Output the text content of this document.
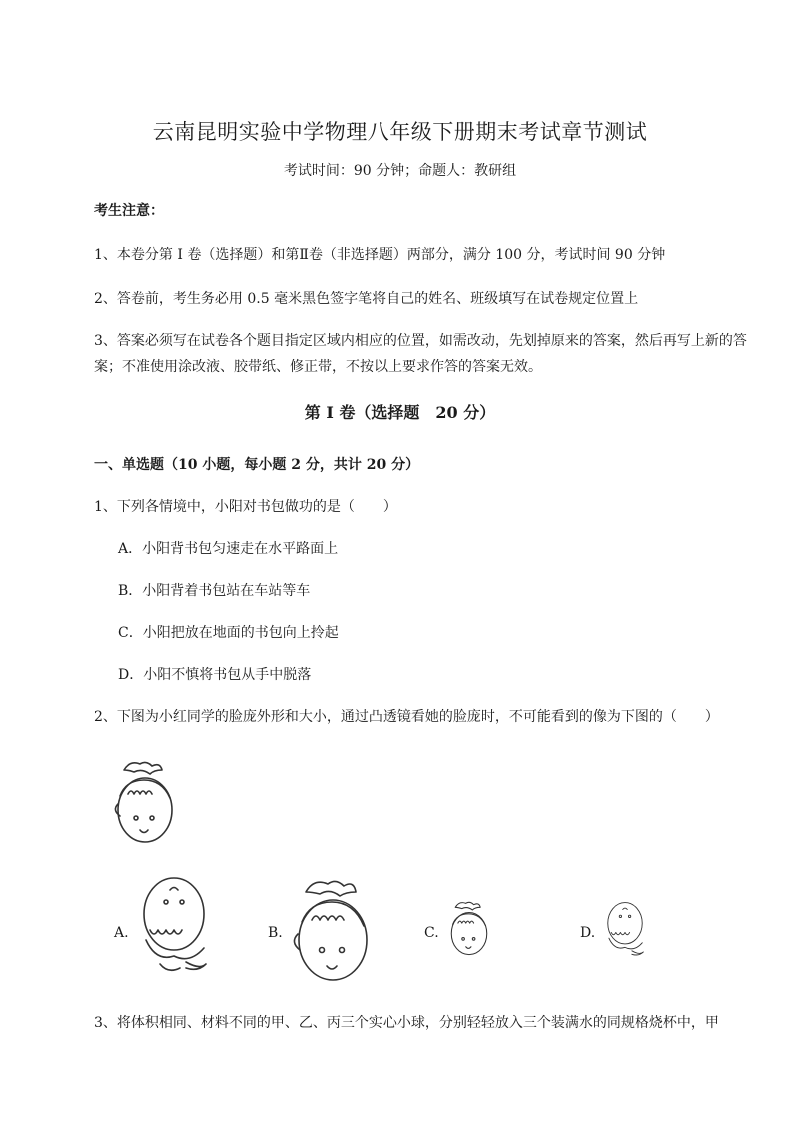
云南昆明实验中学物理八年级下册期末考试章节测试
考试时间：90 分钟；命题人：教研组
考生注意：
1、本卷分第 I 卷（选择题）和第Ⅱ卷（非选择题）两部分，满分 100 分，考试时间 90 分钟
2、答卷前，考生务必用 0.5 毫米黑色签字笔将自己的姓名、班级填写在试卷规定位置上
3、答案必须写在试卷各个题目指定区域内相应的位置，如需改动，先划掉原来的答案，然后再写上新的答案；不准使用涂改液、胶带纸、修正带，不按以上要求作答的答案无效。
第 I 卷（选择题　20 分）
一、单选题（10 小题，每小题 2 分，共计 20 分）
1、下列各情境中，小阳对书包做功的是（　　）
A．小阳背书包匀速走在水平路面上
B．小阳背着书包站在车站等车
C．小阳把放在地面的书包向上拎起
D．小阳不慎将书包从手中脱落
2、下图为小红同学的脸庞外形和大小，通过凸透镜看她的脸庞时，不可能看到的像为下图的（　　）
A.	B.	C.	D.
3、将体积相同、材料不同的甲、乙、丙三个实心小球，分别轻轻放入三个装满水的同规格烧杯中，甲
